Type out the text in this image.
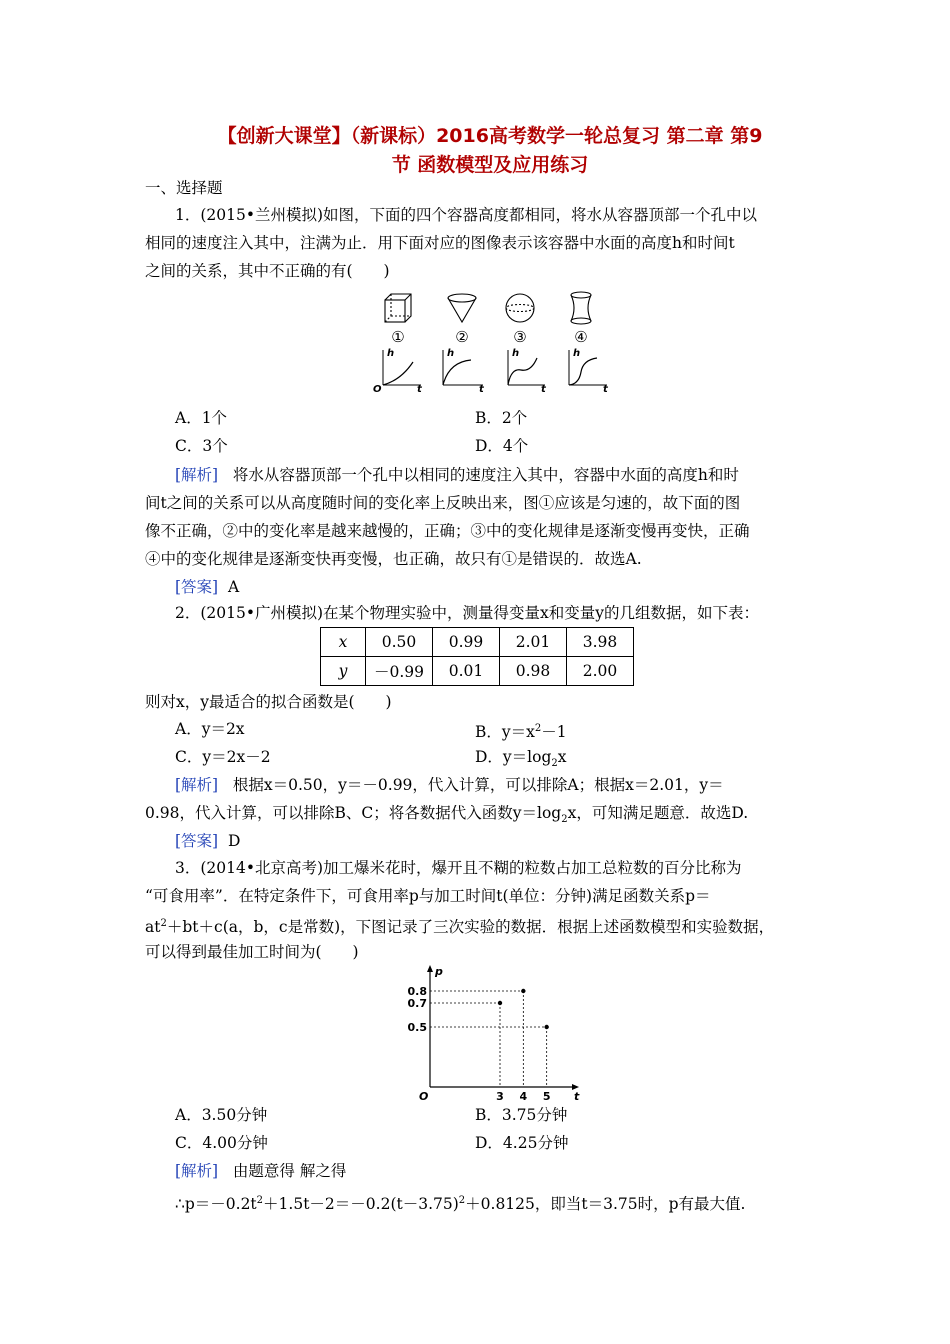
【创新大课堂】（新课标）2016高考数学一轮总复习 第二章 第9
节 函数模型及应用练习
一、选择题
1．(2015•兰州模拟)如图，下面的四个容器高度都相同，将水从容器顶部一个孔中以
相同的速度注入其中，注满为止．用下面对应的图像表示该容器中水面的高度h和时间t
之间的关系，其中不正确的有(　　)
①	②	③	④
h
O	t
h
t
h
t
h
t
A．1个	B．2个
C．3个	D．4个
[解析] 将水从容器顶部一个孔中以相同的速度注入其中，容器中水面的高度h和时
间t之间的关系可以从高度随时间的变化率上反映出来，图①应该是匀速的，故下面的图
像不正确，②中的变化率是越来越慢的，正确；③中的变化规律是逐渐变慢再变快，正确
④中的变化规律是逐渐变快再变慢，也正确，故只有①是错误的．故选A.
[答案] A
2．(2015•广州模拟)在某个物理实验中，测量得变量x和变量y的几组数据，如下表：
x	0.50	0.99	2.01	3.98
y	－0.99	0.01	0.98	2.00
则对x，y最适合的拟合函数是(　　)
A．y＝2x	B．$y=x^2-1$
C．y＝2x－2	D．$y=\log_2x$
[解析] 根据x＝0.50，y＝－0.99，代入计算，可以排除A；根据x＝2.01，y＝
0.98，代入计算，可以排除B、C；将各数据代入函数$y=\log_2x$，可知满足题意．故选D.
[答案] D
3．(2014•北京高考)加工爆米花时，爆开且不糊的粒数占加工总粒数的百分比称为
“可食用率”．在特定条件下，可食用率p与加工时间t(单位：分钟)满足函数关系p＝
$at^2+bt+c(a$，b，c是常数)，下图记录了三次实验的数据．根据上述函数模型和实验数据，
可以得到最佳加工时间为(　　)
p
t
O	3 4 5
0.8
0.7
0.5
A．3.50分钟	B．3.75分钟
C．4.00分钟	D．4.25分钟
[解析] 由题意得 解之得
$\therefore p=-0.2t^2+1.5t-2=-0.2(t-3.75)^2+0.8125$，即当t＝3.75时，p有最大值.
